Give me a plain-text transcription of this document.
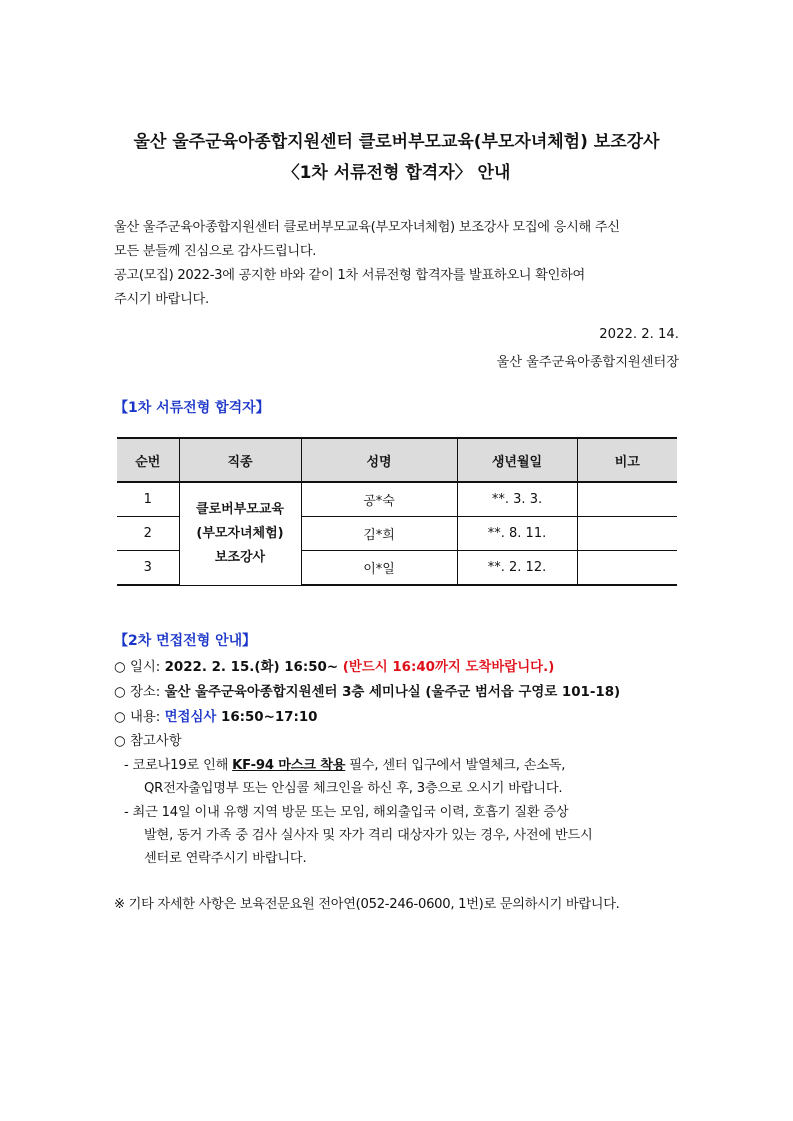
울산 울주군육아종합지원센터 클로버부모교육(부모자녀체험) 보조강사
〈1차 서류전형 합격자〉 안내
울산 울주군육아종합지원센터 클로버부모교육(부모자녀체험) 보조강사 모집에 응시해 주신
모든 분들께 진심으로 감사드립니다.
공고(모집) 2022-3에 공지한 바와 같이 1차 서류전형 합격자를 발표하오니 확인하여
주시기 바랍니다.
2022. 2. 14.
울산 울주군육아종합지원센터장
【1차 서류전형 합격자】
순번	직종	성명	생년월일	비고
1	클로버부모교육
(부모자녀체험)
보조강사	공*숙	**. 3. 3.	
2		김*희	**. 8. 11.	
3		이*일	**. 2. 12.	
【2차 면접전형 안내】
○ 일시: 2022. 2. 15.(화) 16:50~ (반드시 16:40까지 도착바랍니다.)
○ 장소: 울산 울주군육아종합지원센터 3층 세미나실 (울주군 범서읍 구영로 101-18)
○ 내용: 면접심사 16:50~17:10
○ 참고사항
- 코로나19로 인해 KF-94 마스크 착용 필수, 센터 입구에서 발열체크, 손소독,
QR전자출입명부 또는 안심콜 체크인을 하신 후, 3층으로 오시기 바랍니다.
- 최근 14일 이내 유행 지역 방문 또는 모임, 해외출입국 이력, 호흡기 질환 증상
발현, 동거 가족 중 검사 실사자 및 자가 격리 대상자가 있는 경우, 사전에 반드시
센터로 연락주시기 바랍니다.
※ 기타 자세한 사항은 보육전문요원 전아연(052-246-0600, 1번)로 문의하시기 바랍니다.
